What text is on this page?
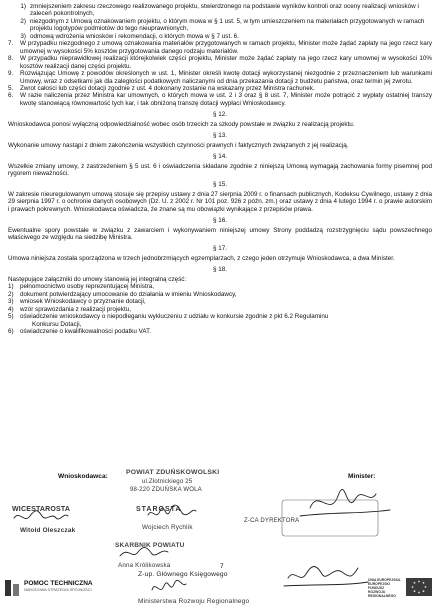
1) zmniejszeniem zakresu rzeczowego realizowanego projektu, stwierdzonego na podstawie wyników kontroli oraz oceny realizacji wniosków i zaleceń pokontrolnych,
2) niezgodnym z Umową oznakowaniem projektu, o którym mowa w § 1 ust. 5, w tym umieszczeniem na materiałach przygotowanych w ramach projektu logotypów podmiotów do tego nieuprawnionych,
3) odmową wdrożenia wniosków i rekomendacji, o których mowa w § 7 ust. 6.
7.	W przypadku niezgodnego z umową oznakowania materiałów przygotowanych w ramach projektu, Minister może żądać zapłaty na jego rzecz kary umownej w wysokości 5% kosztów przygotowania danego rodzaju materiałów.
8.	W przypadku nieprawidłowej realizacji którejkolwiek części projektu, Minister może żądać zapłaty na jego rzecz kary umownej w wysokości 10% kosztów realizacji danej części projektu.
9.	Rozwiązując Umowę z powodów określonych w ust. 1, Minister określi kwotę dotacji wykorzystanej niezgodnie z przeznaczeniem lub warunkami Umowy, wraz z odsetkami jak dla zaległości podatkowych naliczanymi od dnia przekazania dotacji z budżetu państwa, oraz termin jej zwrotu.
5.	Zwrot całości lub części dotacji zgodnie z ust. 4 dokonany zostanie na wskazany przez Ministra rachunek.
6.	W razie naliczenia przez Ministra kar umownych, o których mowa w ust. 2 i 3 oraz § 8 ust. 7, Minister może potrącić z wypłaty ostatniej transzy kwotę stanowiącą równowartość tych kar, i tak obniżoną transzę dotacji wypłaci Wnioskodawcy.
§ 12.

Wnioskodawca ponosi wyłączną odpowiedzialność wobec osób trzecich za szkody powstałe w związku z realizacją projektu.

§ 13.

Wykonanie umowy nastąpi z dniem zakończenia wszystkich czynności prawnych i faktycznych związanych z jej realizacją.

§ 14.

Wszelkie zmiany umowy, z zastrzeżeniem § 5 ust. 6 i oświadczenia składane zgodnie z niniejszą Umową wymagają zachowania formy pisemnej pod rygorem nieważności.

§ 15.

W zakresie nieuregulowanym umową stosuje się przepisy ustawy z dnia 27 sierpnia 2009 r. o finansach publicznych, Kodeksu Cywilnego, ustawy z dnia 29 sierpnia 1997 r. o ochronie danych osobowych (Dz. U. z 2002 r. Nr 101 poz. 926 z późn. zm.) oraz ustawy z dnia 4 lutego 1994 r. o prawie autorskim i prawach pokrewnych. Wnioskodawca oświadcza, że znane są mu obowiązki wynikające z przepisów prawa.

§ 16.

Ewentualne spory powstałe w związku z zawarciem i wykonywaniem niniejszej umowy Strony poddadzą rozstrzygnięciu sądu powszechnego właściwego ze względu na siedzibę Ministra.

§ 17.

Umowa niniejsza została sporządzona w trzech jednobrzmiących egzemplarzach, z czego jeden otrzymuje Wnioskodawca, a dwa Minister.

§ 18.

Następujące załączniki do umowy stanowią jej integralną część:

1)	pełnomocnictwo osoby reprezentującej Ministra,
2)	dokument potwierdzający umocowanie do działania w imieniu Wnioskodawcy,
3)	wniosek Wnioskodawcy o przyznanie dotacji,
4)	wzór sprawozdania z realizacji projektu,
5)	oświadczenie wnioskodawcy o niepodleganiu wykluczeniu z udziału w konkursie zgodnie z pkt 6.2 Regulaminu
Konkursu Dotacji,
6)	oświadczenie o kwalifikowalności podatku VAT.
Wnioskodawca:	Minister:
POWIAT ZDUŃSKOWOLSKI
ul.Złotnickiego 25
98-220 ZDUŃSKA WOLA
WICESTAROSTA
Witold Oleszczak
STAROSTA
Wojciech Rychlik
SKARBNIK POWIATU
Anna Królikowska
Z-up. Głównego Księgowego
Z-CA DYREKTORA
Ministerstwa Rozwoju Regionalnego
7
POMOC TECHNICZNA
NARODOWA STRATEGIA SPÓJNOŚCI
UNIA EUROPEJSKA
EUROPEJSKI FUNDUSZ
ROZWOJU REGIONALNEGO
